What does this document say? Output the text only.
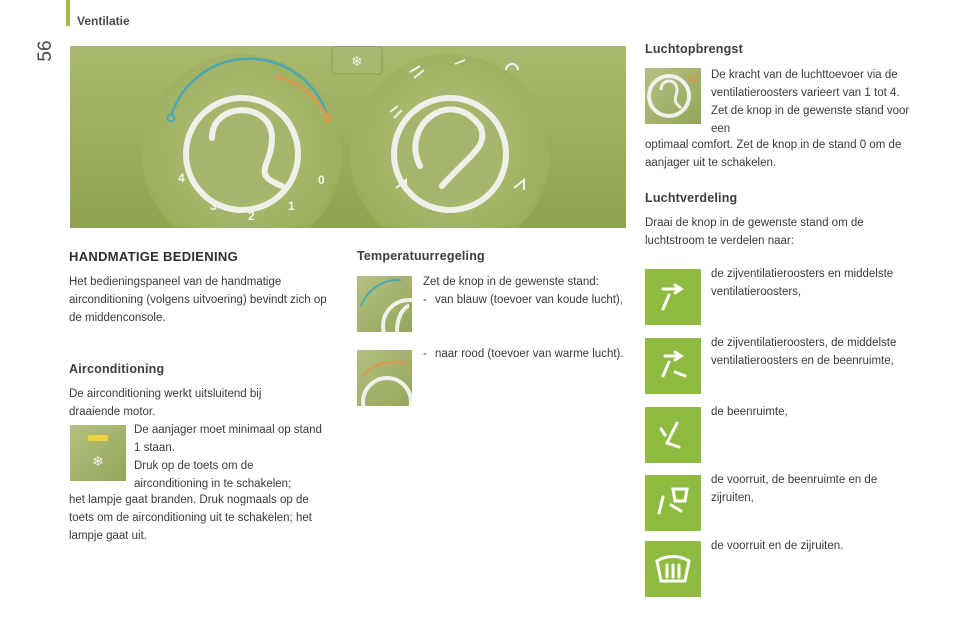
56
Ventilatie
❄
0
1
2
3
4
HANDMATIGE BEDIENING
Het bedieningspaneel van de handmatige airconditioning (volgens uitvoering) bevindt zich op de middenconsole.
Airconditioning
De airconditioning werkt uitsluitend bij draaiende motor.
❄
De aanjager moet minimaal op stand 1 staan.
Druk op de toets om de airconditioning in te schakelen;
het lampje gaat branden. Druk nogmaals op de toets om de airconditioning uit te schakelen; het lampje gaat uit.
Temperatuurregeling
Zet de knop in de gewenste stand:
- van blauw (toevoer van koude lucht),
- naar rood (toevoer van warme lucht).
Luchtopbrengst
De kracht van de luchttoevoer via de ventilatieroosters varieert van 1 tot 4. Zet de knop in de gewenste stand voor een
optimaal comfort. Zet de knop in de stand 0 om de aanjager uit te schakelen.
Luchtverdeling
Draai de knop in de gewenste stand om de luchtstroom te verdelen naar:
de zijventilatieroosters en middelste ventilatieroosters,
de zijventilatieroosters, de middelste ventilatieroosters en de beenruimte,
de beenruimte,
de voorruit, de beenruimte en de zijruiten,
de voorruit en de zijruiten.
